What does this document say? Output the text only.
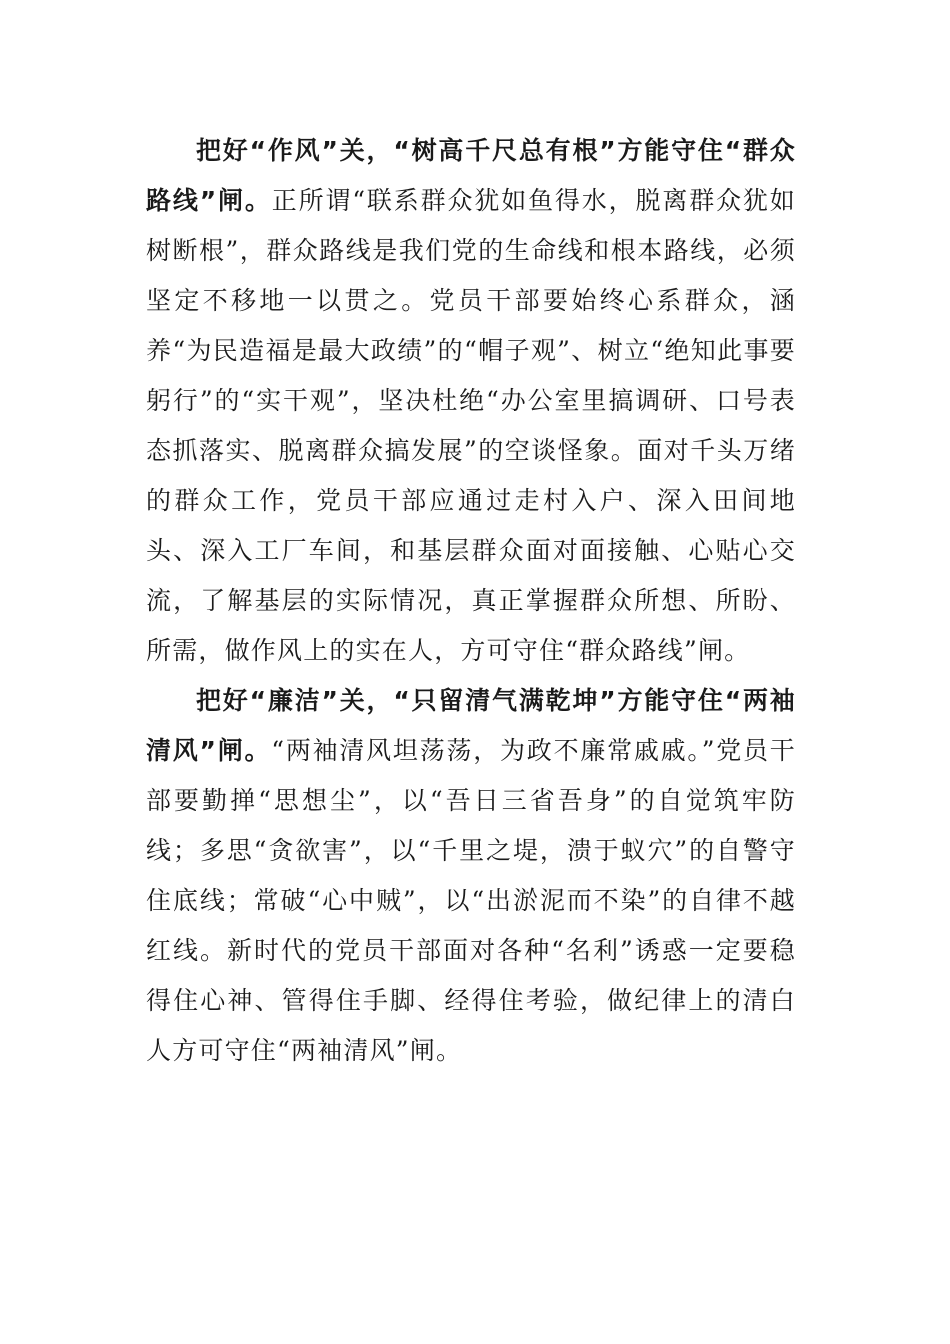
把好“作风”关，“树高千尺总有根”方能守住“群众路线”闸。正所谓“联系群众犹如鱼得水，脱离群众犹如树断根”，群众路线是我们党的生命线和根本路线，必须坚定不移地一以贯之。党员干部要始终心系群众，涵养“为民造福是最大政绩”的“帽子观”、树立“绝知此事要躬行”的“实干观”，坚决杜绝“办公室里搞调研、口号表态抓落实、脱离群众搞发展”的空谈怪象。面对千头万绪的群众工作，党员干部应通过走村入户、深入田间地头、深入工厂车间，和基层群众面对面接触、心贴心交流，了解基层的实际情况，真正掌握群众所想、所盼、所需，做作风上的实在人，方可守住“群众路线”闸。

把好“廉洁”关，“只留清气满乾坤”方能守住“两袖清风”闸。“两袖清风坦荡荡，为政不廉常戚戚。”党员干部要勤掸“思想尘”，以“吾日三省吾身”的自觉筑牢防线；多思“贪欲害”，以“千里之堤，溃于蚁穴”的自警守住底线；常破“心中贼”，以“出淤泥而不染”的自律不越红线。新时代的党员干部面对各种“名利”诱惑一定要稳得住心神、管得住手脚、经得住考验，做纪律上的清白人方可守住“两袖清风”闸。
